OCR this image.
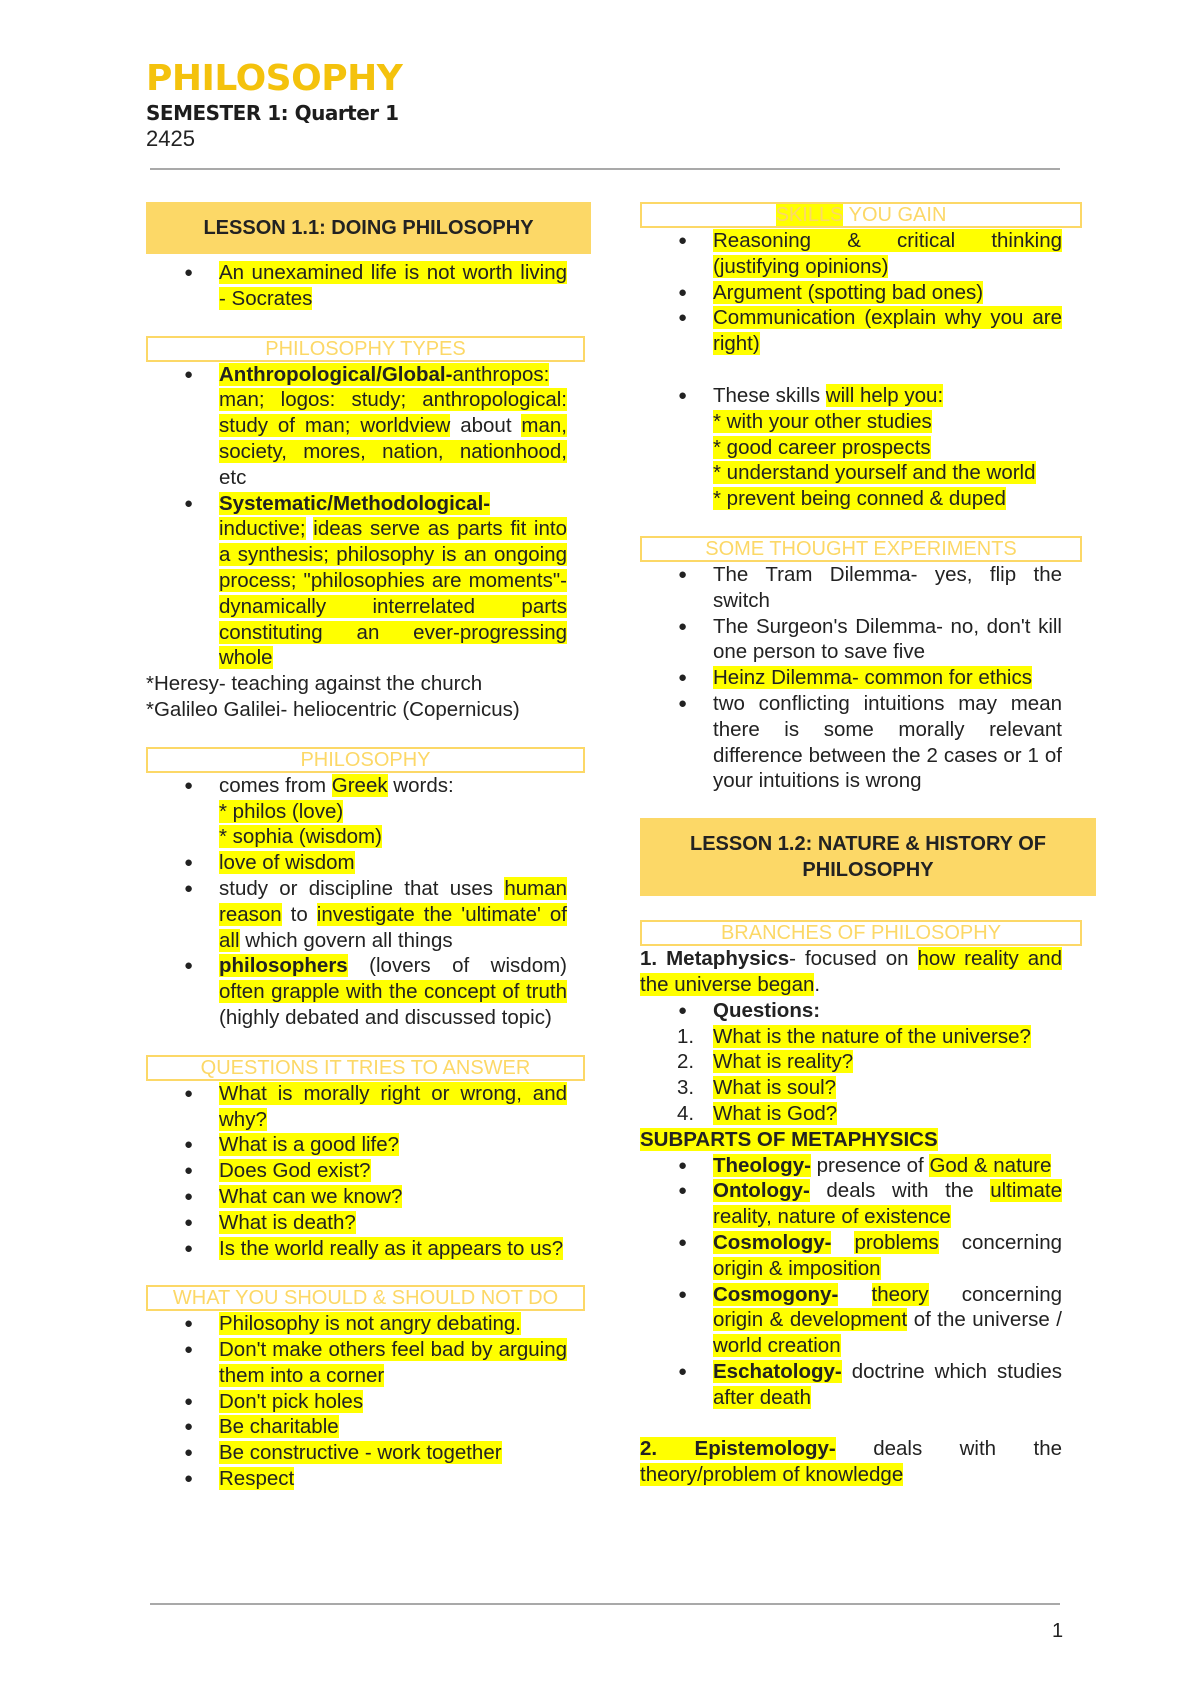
PHILOSOPHY
SEMESTER 1: Quarter 1
2425
LESSON 1.1: DOING PHILOSOPHY
● An unexamined life is not worth living - Socrates
PHILOSOPHY TYPES
● Anthropological/Global-anthropos: man; logos: study; anthropological: study of man; worldview about man, society, mores, nation, nationhood, etc
● Systematic/Methodological-inductive; ideas serve as parts fit into a synthesis; philosophy is an ongoing process; "philosophies are moments"- dynamically interrelated parts constituting an ever-progressing whole
*Heresy- teaching against the church
*Galileo Galilei- heliocentric (Copernicus)
PHILOSOPHY
● comes from Greek words:
* philos (love)
* sophia (wisdom)
● love of wisdom
● study or discipline that uses human reason to investigate the 'ultimate' of all which govern all things
● philosophers (lovers of wisdom) often grapple with the concept of truth (highly debated and discussed topic)
QUESTIONS IT TRIES TO ANSWER
● What is morally right or wrong, and why?
● What is a good life?
● Does God exist?
● What can we know?
● What is death?
● Is the world really as it appears to us?
WHAT YOU SHOULD & SHOULD NOT DO
● Philosophy is not angry debating.
● Don't make others feel bad by arguing them into a corner
● Don't pick holes
● Be charitable
● Be constructive - work together
● Respect
SKILLS YOU GAIN
● Reasoning & critical thinking (justifying opinions)
● Argument (spotting bad ones)
● Communication (explain why you are right)
● These skills will help you:
* with your other studies
* good career prospects
* understand yourself and the world
* prevent being conned & duped
SOME THOUGHT EXPERIMENTS
● The Tram Dilemma- yes, flip the switch
● The Surgeon's Dilemma- no, don't kill one person to save five
● Heinz Dilemma- common for ethics
● two conflicting intuitions may mean there is some morally relevant difference between the 2 cases or 1 of your intuitions is wrong
LESSON 1.2: NATURE & HISTORY OF PHILOSOPHY
BRANCHES OF PHILOSOPHY
1. Metaphysics- focused on how reality and the universe began.
● Questions:
1. What is the nature of the universe?
2. What is reality?
3. What is soul?
4. What is God?
SUBPARTS OF METAPHYSICS
● Theology- presence of God & nature
● Ontology- deals with the ultimate reality, nature of existence
● Cosmology- problems concerning origin & imposition
● Cosmogony- theory concerning origin & development of the universe / world creation
● Eschatology- doctrine which studies after death
2. Epistemology- deals with the theory/problem of knowledge
1
